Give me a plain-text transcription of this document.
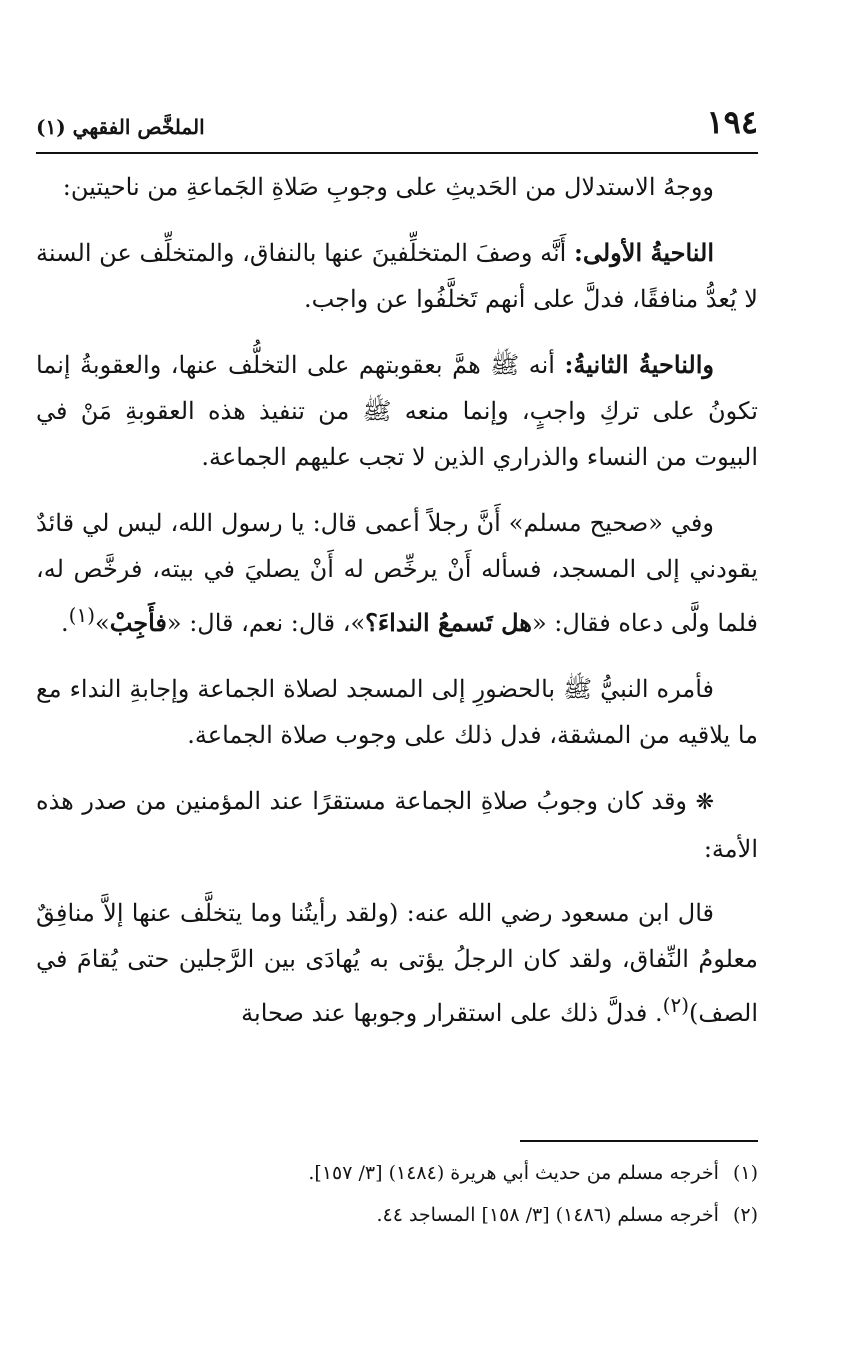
١٩٤
الملخَّص الفقهي (١)

ووجهُ الاستدلال من الحَديثِ على وجوبِ صَلاةِ الجَماعةِ من ناحيتين:

الناحيةُ الأولى: أَنَّه وصفَ المتخلِّفينَ عنها بالنفاق، والمتخلِّف عن السنة لا يُعدُّ منافقًا، فدلَّ على أنهم تَخلَّفُوا عن واجب.

والناحيةُ الثانيةُ: أنه ﷺ همَّ بعقوبتهم على التخلُّف عنها، والعقوبةُ إنما تكونُ على تركِ واجبٍ، وإنما منعه ﷺ من تنفيذ هذه العقوبةِ مَنْ في البيوت من النساء والذراري الذين لا تجب عليهم الجماعة.

وفي «صحيح مسلم» أَنَّ رجلاً أعمى قال: يا رسول الله، ليس لي قائدٌ يقودني إلى المسجد، فسأله أَنْ يرخِّص له أَنْ يصليَ في بيته، فرخَّص له، فلما ولَّى دعاه فقال: «هل تَسمعُ النداءَ؟»، قال: نعم، قال: «فأَجِبْ»$^{(١)}$.

فأمره النبيُّ ﷺ بالحضورِ إلى المسجد لصلاة الجماعة وإجابةِ النداء مع ما يلاقيه من المشقة، فدل ذلك على وجوب صلاة الجماعة.

❋ وقد كان وجوبُ صلاةِ الجماعة مستقرًا عند المؤمنين من صدر هذه الأمة:

قال ابن مسعود رضي الله عنه: (ولقد رأيتُنا وما يتخلَّف عنها إلاَّ منافِقٌ معلومُ النِّفاق، ولقد كان الرجلُ يؤتى به يُهادَى بين الرَّجلين حتى يُقامَ في الصف)$^{(٢)}$. فدلَّ ذلك على استقرار وجوبها عند صحابة

(١)أخرجه مسلم من حديث أبي هريرة (١٤٨٤) [٣/ ١٥٧].
(٢)أخرجه مسلم (١٤٨٦) [٣/ ١٥٨] المساجد ٤٤.
